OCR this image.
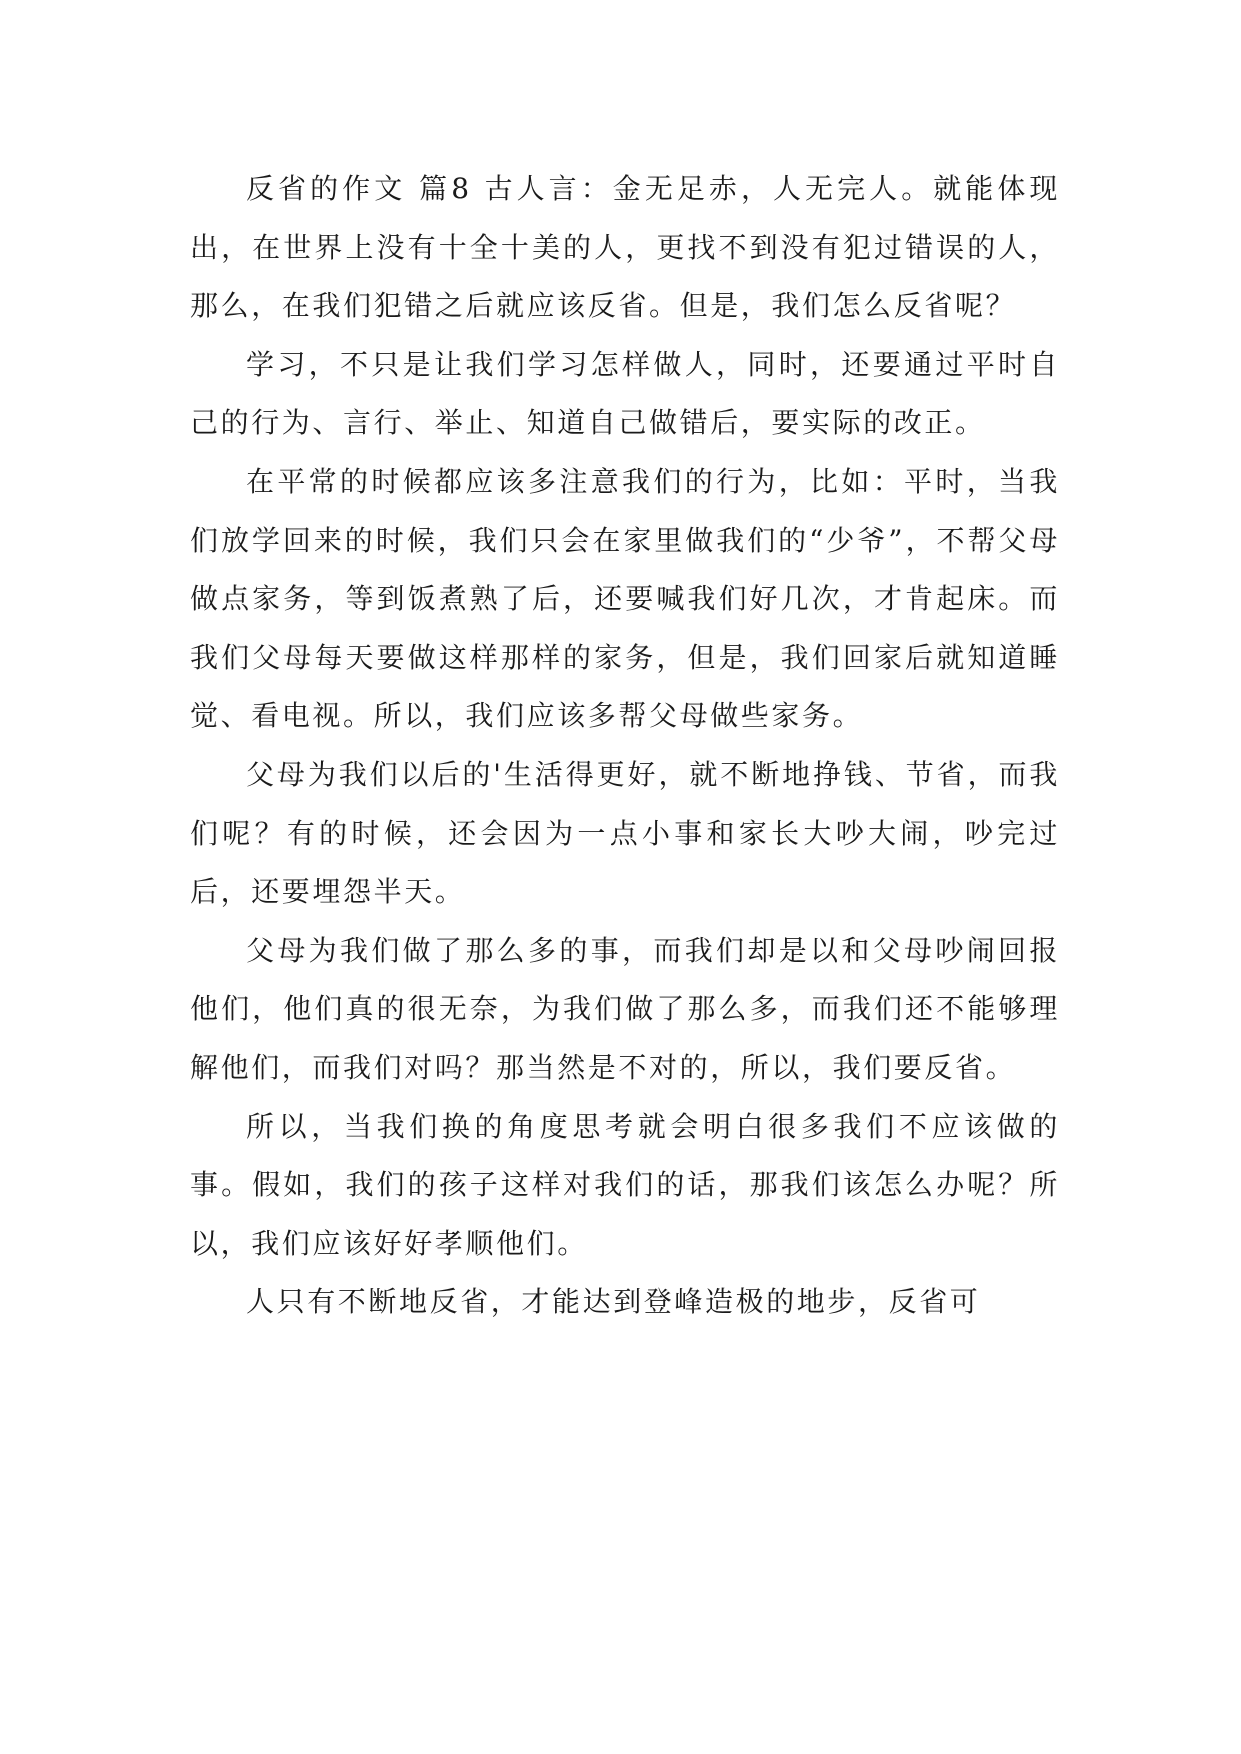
反省的作文 篇8 古人言：金无足赤，人无完人。就能体现出，在世界上没有十全十美的人，更找不到没有犯过错误的人，那么，在我们犯错之后就应该反省。但是，我们怎么反省呢？

学习，不只是让我们学习怎样做人，同时，还要通过平时自己的行为、言行、举止、知道自己做错后，要实际的改正。

在平常的时候都应该多注意我们的行为，比如：平时，当我们放学回来的时候，我们只会在家里做我们的“少爷”，不帮父母做点家务，等到饭煮熟了后，还要喊我们好几次，才肯起床。而我们父母每天要做这样那样的家务，但是，我们回家后就知道睡觉、看电视。所以，我们应该多帮父母做些家务。

父母为我们以后的'生活得更好，就不断地挣钱、节省，而我们呢？有的时候，还会因为一点小事和家长大吵大闹，吵完过后，还要埋怨半天。

父母为我们做了那么多的事，而我们却是以和父母吵闹回报他们，他们真的很无奈，为我们做了那么多，而我们还不能够理解他们，而我们对吗？那当然是不对的，所以，我们要反省。

所以，当我们换的角度思考就会明白很多我们不应该做的事。假如，我们的孩子这样对我们的话，那我们该怎么办呢？所以，我们应该好好孝顺他们。

人只有不断地反省，才能达到登峰造极的地步，反省可
